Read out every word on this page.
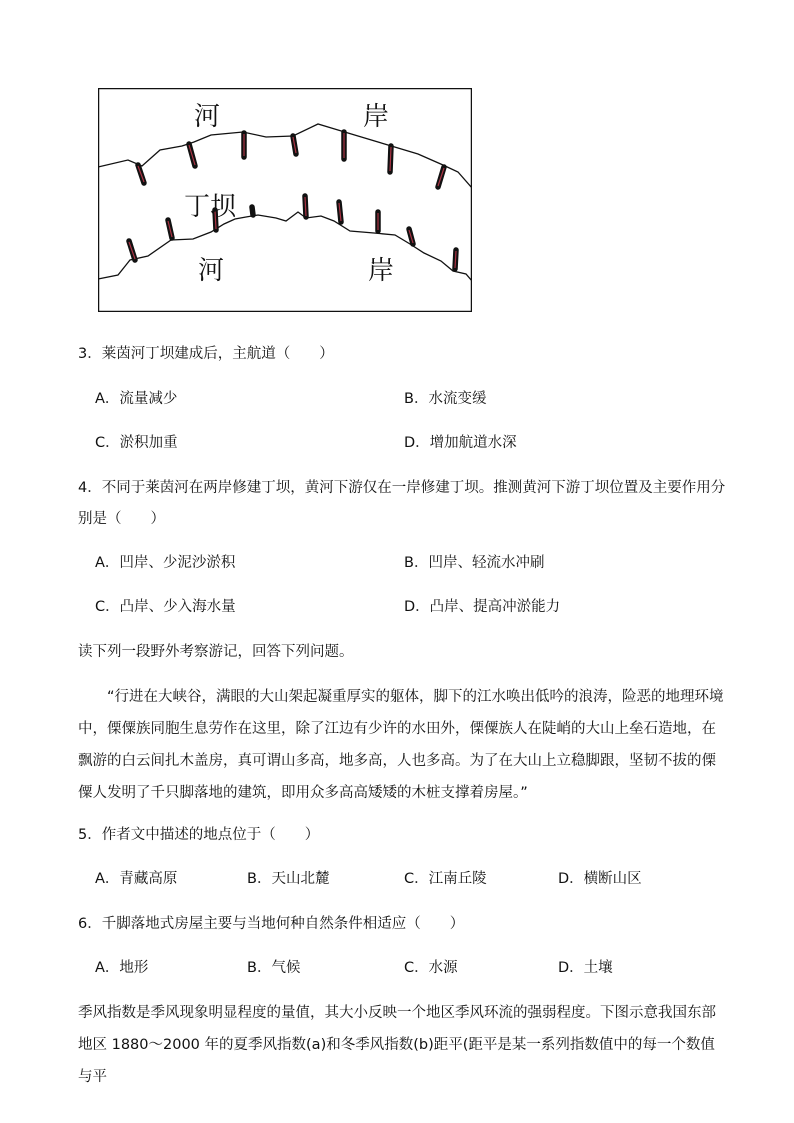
河	岸
丁坝
河	岸
3．莱茵河丁坝建成后，主航道（　　）
A．流量减少	B．水流变缓
C．淤积加重	D．增加航道水深
4．不同于莱茵河在两岸修建丁坝，黄河下游仅在一岸修建丁坝。推测黄河下游丁坝位置及主要作用分
别是（　　）
A．凹岸、少泥沙淤积	B．凹岸、轻流水冲刷
C．凸岸、少入海水量	D．凸岸、提高冲淤能力
读下列一段野外考察游记，回答下列问题。
“行进在大峡谷，满眼的大山架起凝重厚实的躯体，脚下的江水唤出低吟的浪涛，险恶的地理环境中，傈僳族同胞生息劳作在这里，除了江边有少许的水田外，傈僳族人在陡峭的大山上垒石造地，在飘游的白云间扎木盖房，真可谓山多高，地多高，人也多高。为了在大山上立稳脚跟，坚韧不拔的傈僳人发明了千只脚落地的建筑，即用众多高高矮矮的木桩支撑着房屋。”
5．作者文中描述的地点位于（　　）
A．青藏高原	B．天山北麓	C．江南丘陵	D．横断山区
6．千脚落地式房屋主要与当地何种自然条件相适应（　　）
A．地形	B．气候	C．水源	D．土壤
季风指数是季风现象明显程度的量值，其大小反映一个地区季风环流的强弱程度。下图示意我国东部地区 1880～2000 年的夏季风指数(a)和冬季风指数(b)距平(距平是某一系列指数值中的每一个数值与平
